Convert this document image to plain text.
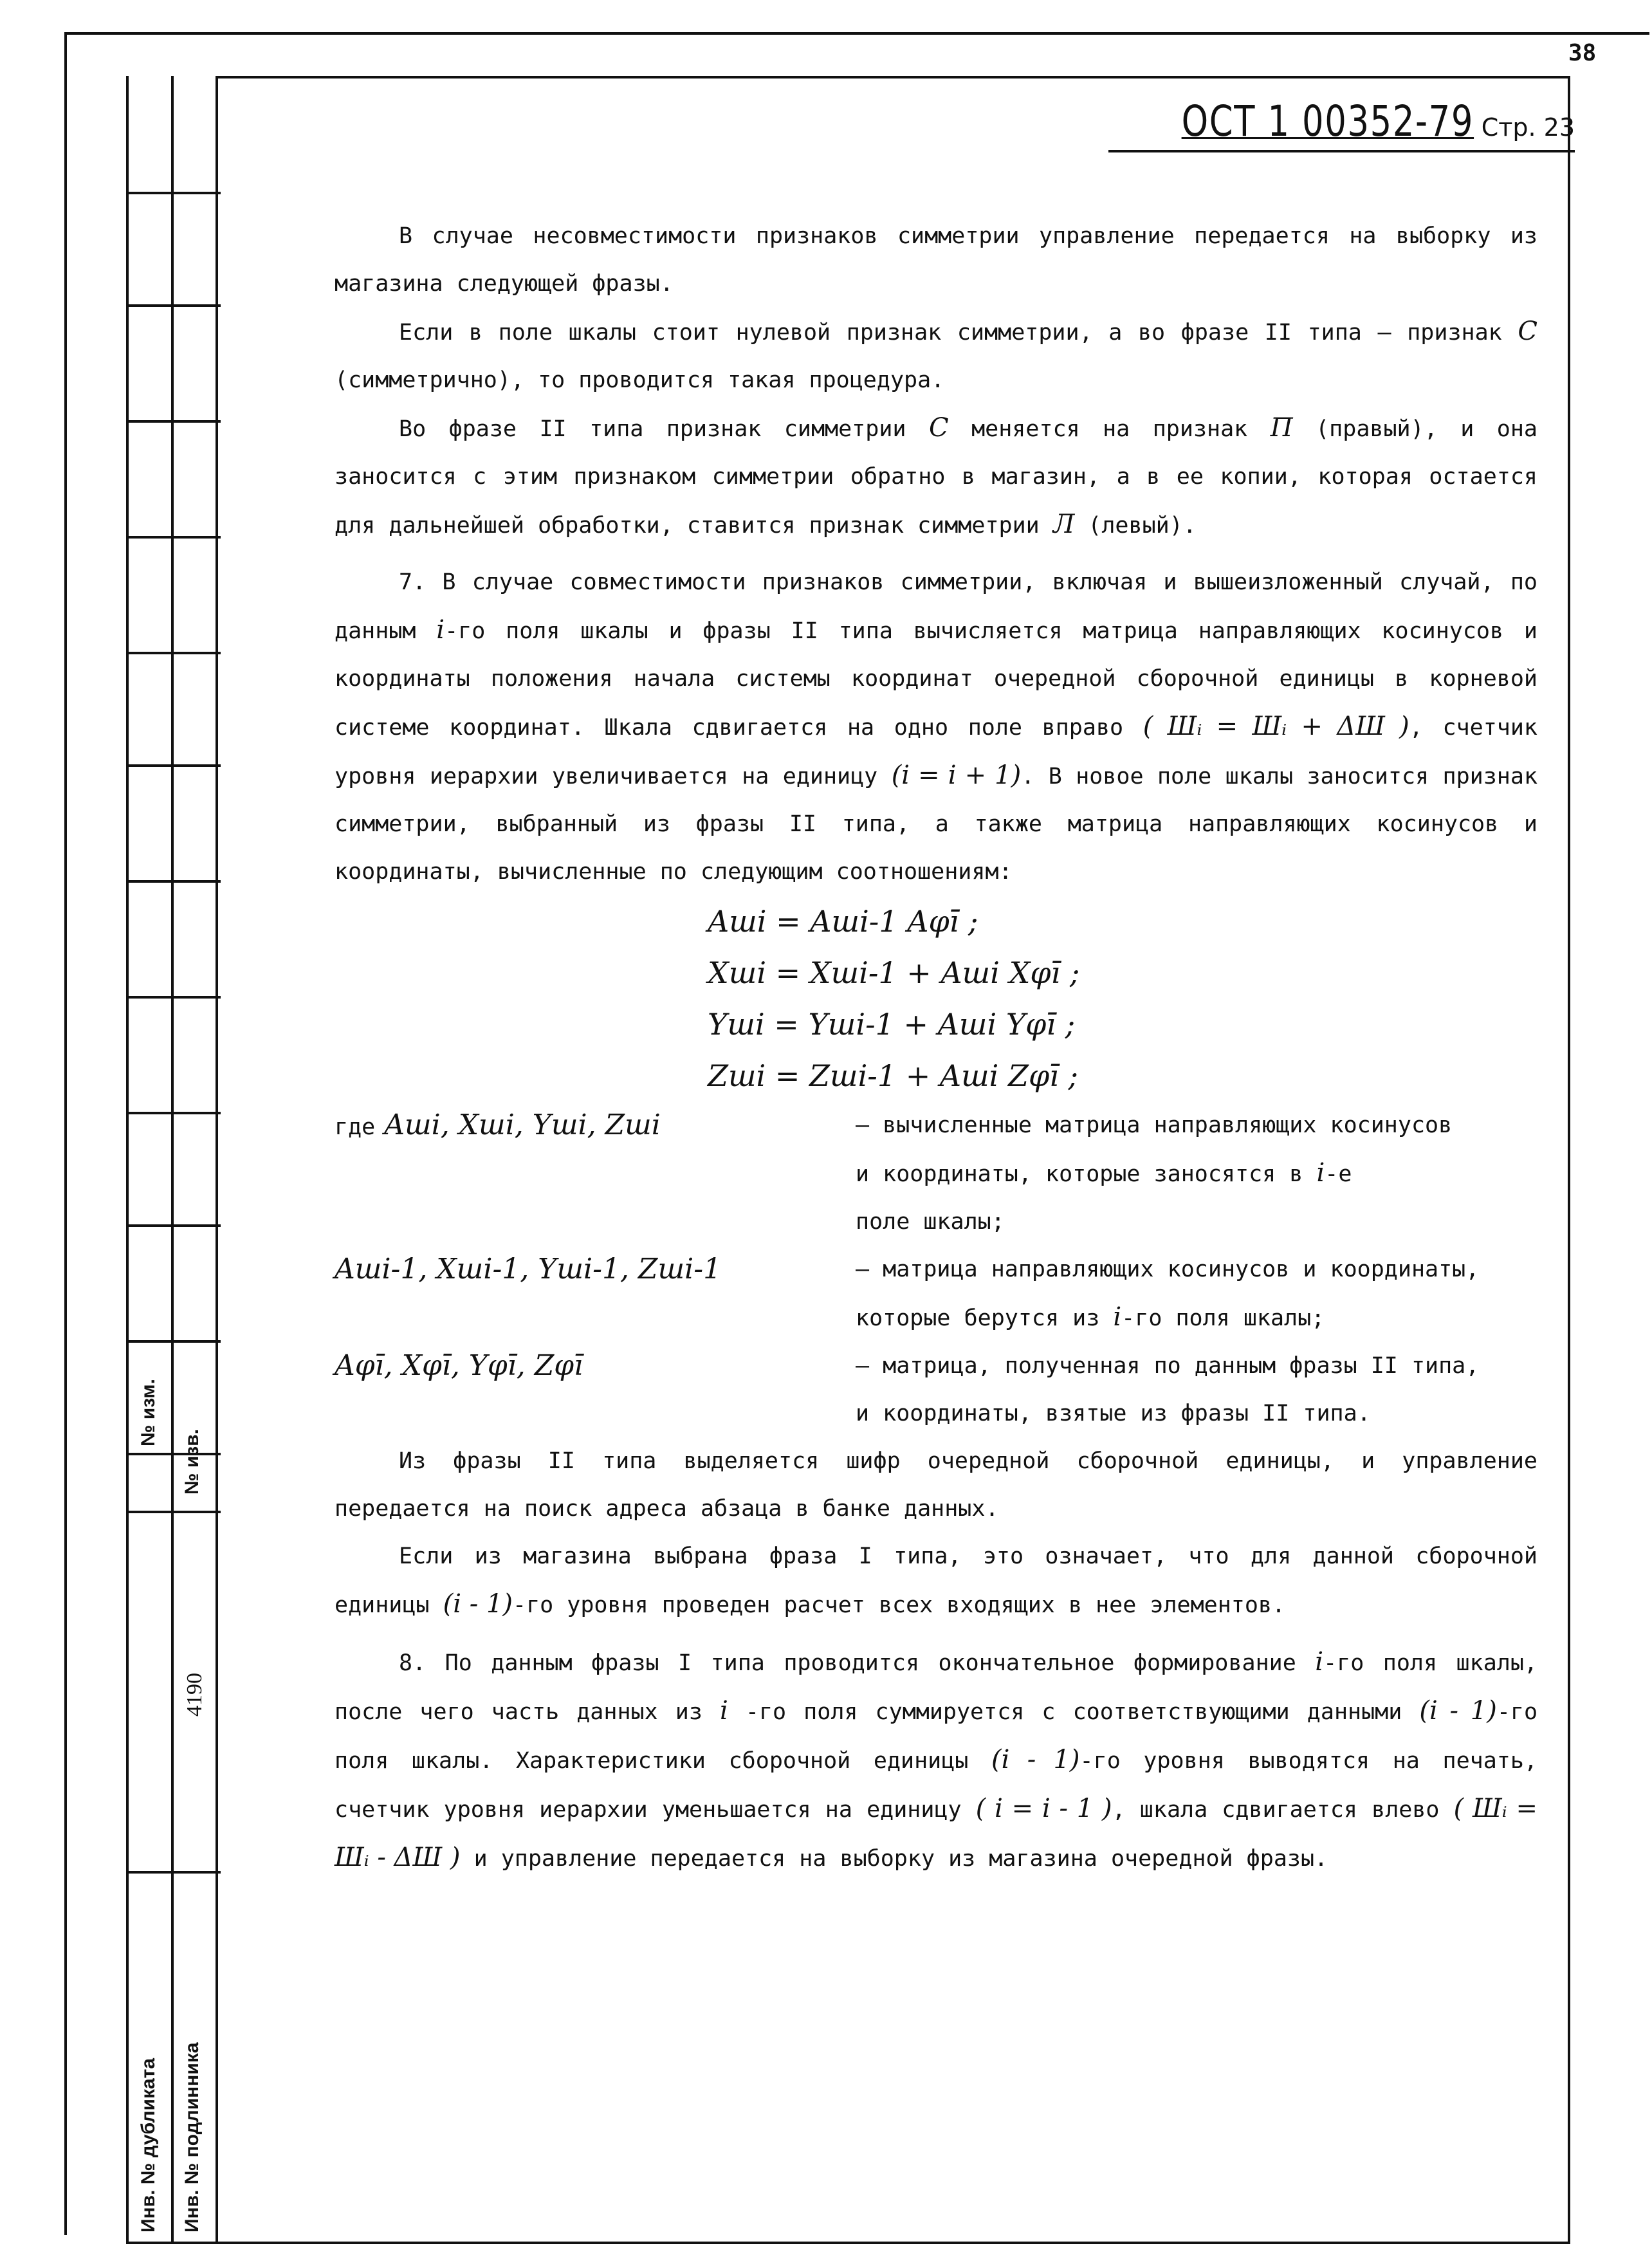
38
№ изм.
№ изв.
4190
Инв. № дубликата Инв. № подлинника
ОСТ 1 00352-79 Стр. 23

В случае несовместимости признаков симметрии управление передается на выборку из магазина следующей фразы.

Если в поле шкалы стоит нулевой признак симметрии, а во фразе II типа – признак С (симметрично), то проводится такая процедура.

Во фразе II типа признак симметрии С меняется на признак П (правый), и она заносится с этим признаком симметрии обратно в магазин, а в ее копии, которая остается для дальнейшей обработки, ставится признак симметрии Л (левый).

7. В случае совместимости признаков симметрии, включая и вышеизложенный случай, по данным i-го поля шкалы и фразы II типа вычисляется матрица направляющих косинусов и координаты положения начала системы координат очередной сборочной единицы в корневой системе координат. Шкала сдвигается на одно поле вправо ( Шᵢ = Шᵢ + ΔШ ), счетчик уровня иерархии увеличивается на единицу (i = i + 1). В новое поле шкалы заносится признак симметрии, выбранный из фразы II типа, а также матрица направляющих косинусов и координаты, вычисленные по следующим соотношениям:

Aшi = Aшi-1 Aφī ;
Xшi = Xшi-1 + Aшi Xφī ;
Yшi = Yшi-1 + Aшi Yφī ;
Zшi = Zшi-1 + Aшi Zφī ;
где Aшi, Xшi, Yшi, Zшi	– вычисленные матрица направляющих косинусов
и координаты, которые заносятся в i-е
поле шкалы;
Aшi-1, Xшi-1, Yшi-1, Zшi-1	– матрица направляющих косинусов и координаты,
которые берутся из i-го поля шкалы;
Aφī, Xφī, Yφī, Zφī	– матрица, полученная по данным фразы II типа,
и координаты, взятые из фразы II типа.

Из фразы II типа выделяется шифр очередной сборочной единицы, и управление передается на поиск адреса абзаца в банке данных.

Если из магазина выбрана фраза I типа, это означает, что для данной сборочной единицы (i - 1)-го уровня проведен расчет всех входящих в нее элементов.

8. По данным фразы I типа проводится окончательное формирование i-го поля шкалы, после чего часть данных из i -го поля суммируется с соответствующими данными (i - 1)-го поля шкалы. Характеристики сборочной единицы (i - 1)-го уровня выводятся на печать, счетчик уровня иерархии уменьшается на единицу ( i = i - 1 ), шкала сдвигается влево ( Шᵢ = Шᵢ - ΔШ ) и управление передается на выборку из магазина очередной фразы.
